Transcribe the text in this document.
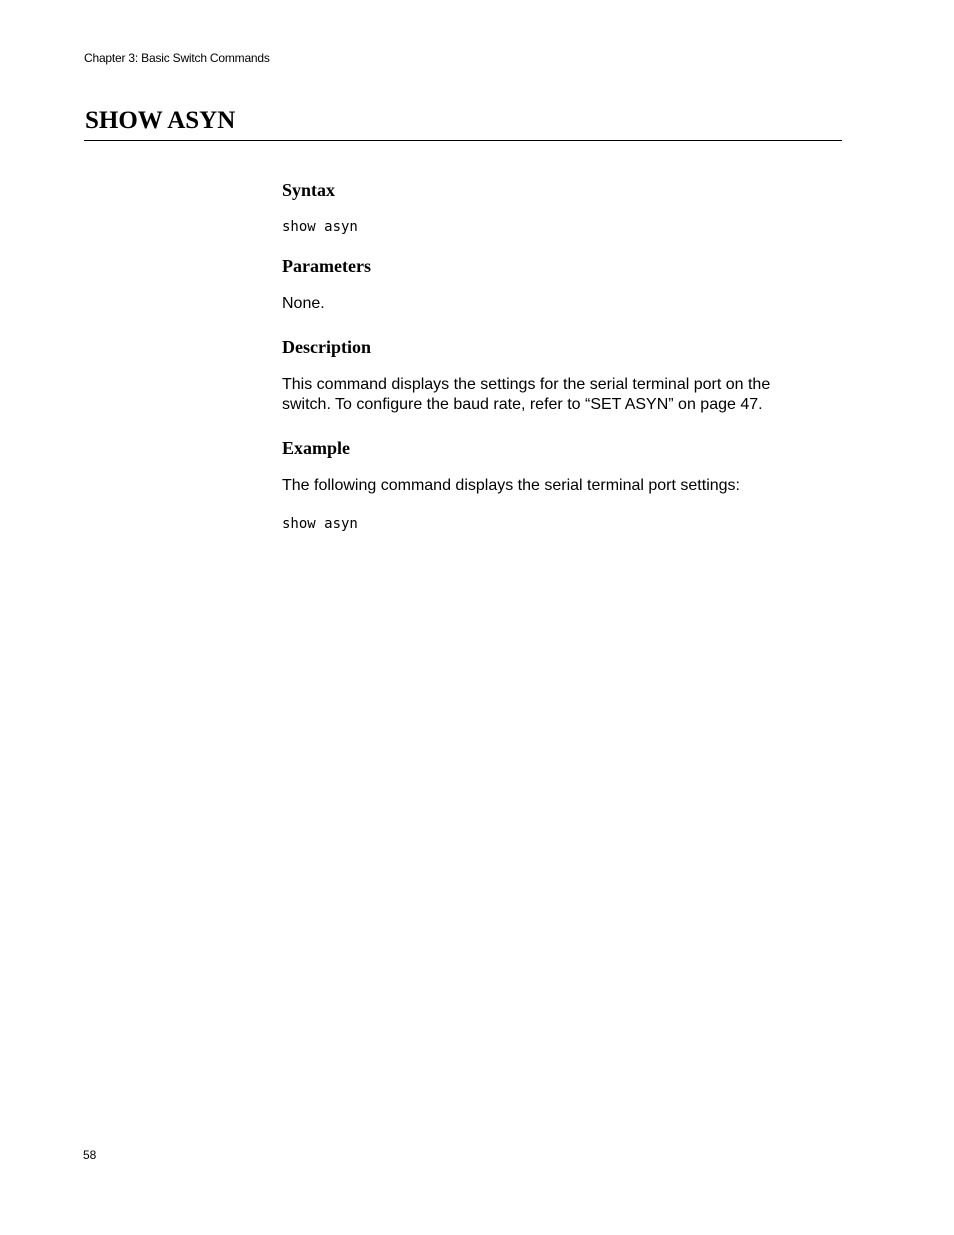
Chapter 3: Basic Switch Commands
SHOW ASYN
Syntax
show asyn
Parameters

None.

Description

This command displays the settings for the serial terminal port on the switch. To configure the baud rate, refer to “SET ASYN” on page 47.

Example

The following command displays the serial terminal port settings:

show asyn
58
